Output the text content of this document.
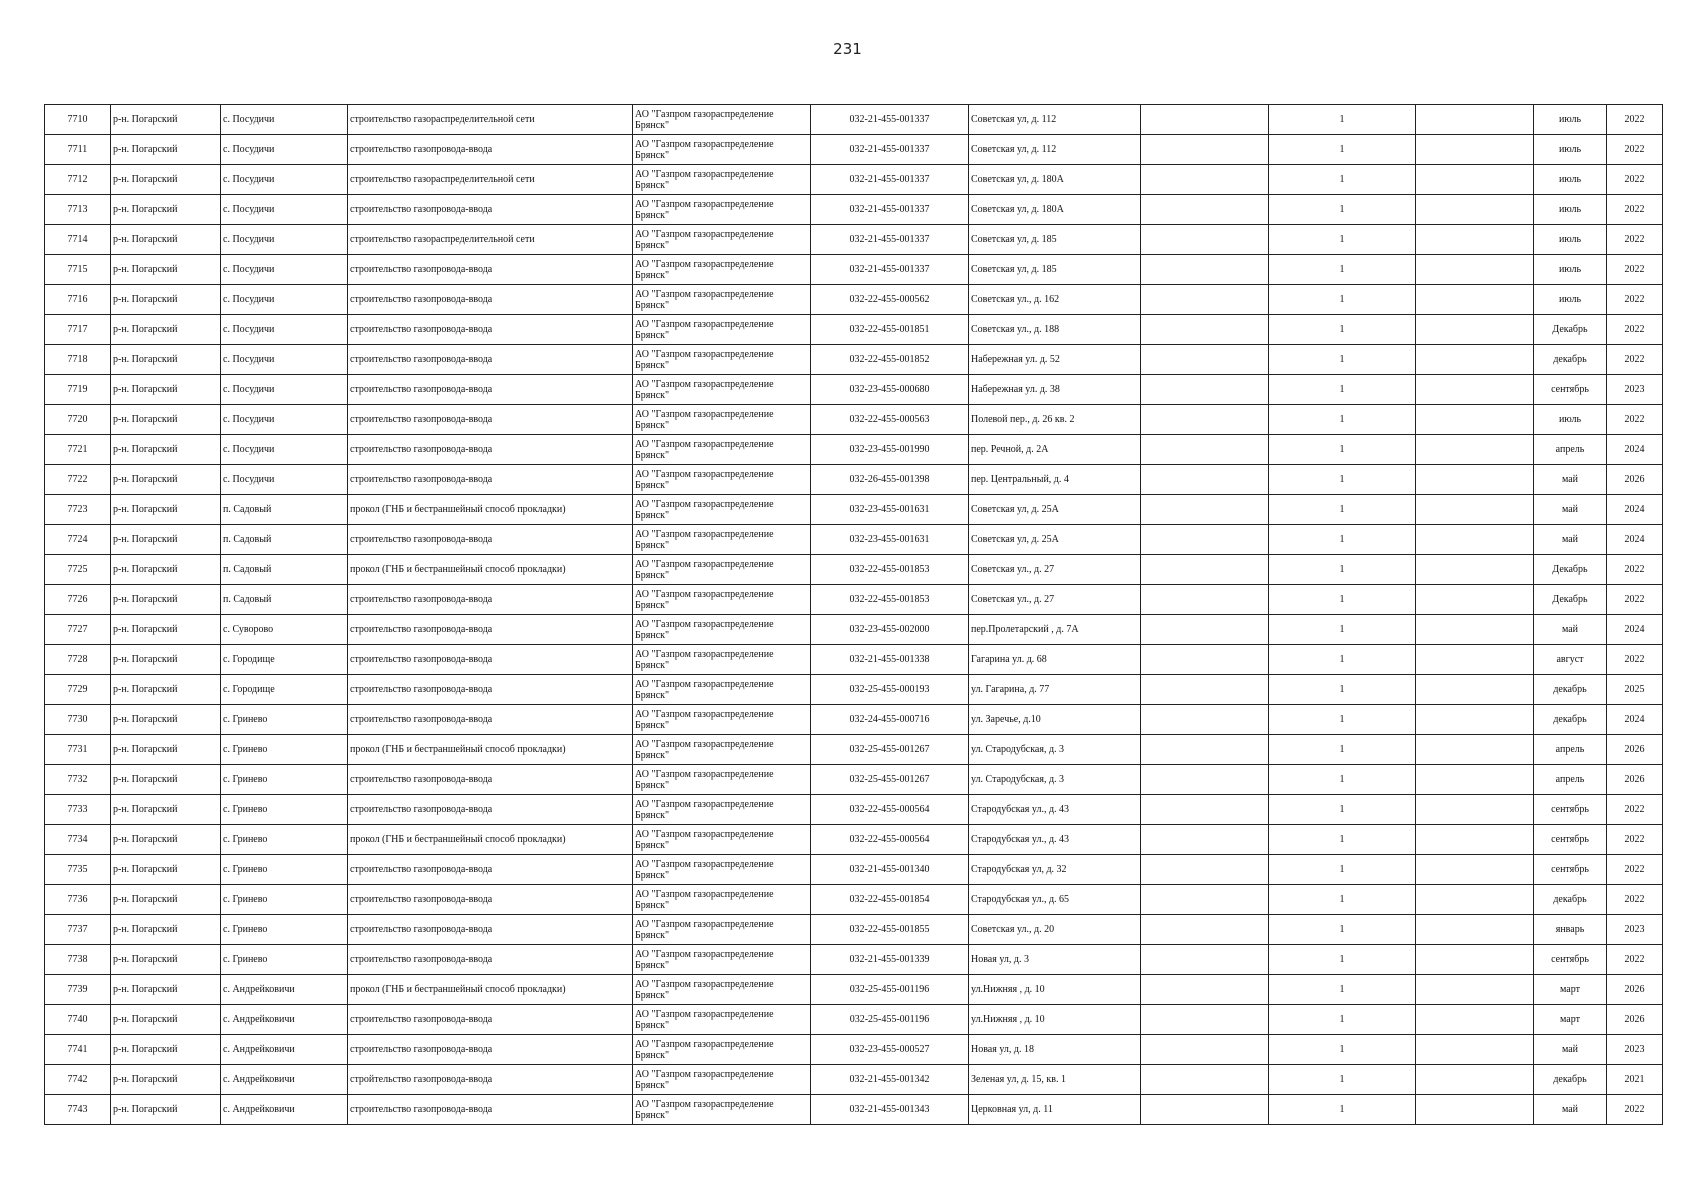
231
7710	р-н. Погарский	с. Посудичи	строительство газораспределительной сети	АО "Газпром газораспределение
Брянск"	032-21-455-001337	Советская ул, д. 112		1		июль	2022
7711	р-н. Погарский	с. Посудичи	строительство газопровода-ввода	АО "Газпром газораспределение
Брянск"	032-21-455-001337	Советская ул, д. 112		1		июль	2022
7712	р-н. Погарский	с. Посудичи	строительство газораспределительной сети	АО "Газпром газораспределение
Брянск"	032-21-455-001337	Советская ул, д. 180А		1		июль	2022
7713	р-н. Погарский	с. Посудичи	строительство газопровода-ввода	АО "Газпром газораспределение
Брянск"	032-21-455-001337	Советская ул, д. 180А		1		июль	2022
7714	р-н. Погарский	с. Посудичи	строительство газораспределительной сети	АО "Газпром газораспределение
Брянск"	032-21-455-001337	Советская ул, д. 185		1		июль	2022
7715	р-н. Погарский	с. Посудичи	строительство газопровода-ввода	АО "Газпром газораспределение
Брянск"	032-21-455-001337	Советская ул, д. 185		1		июль	2022
7716	р-н. Погарский	с. Посудичи	строительство газопровода-ввода	АО "Газпром газораспределение
Брянск"	032-22-455-000562	Советская ул., д. 162		1		июль	2022
7717	р-н. Погарский	с. Посудичи	строительство газопровода-ввода	АО "Газпром газораспределение
Брянск"	032-22-455-001851	Советская ул., д. 188		1		Декабрь	2022
7718	р-н. Погарский	с. Посудичи	строительство газопровода-ввода	АО "Газпром газораспределение
Брянск"	032-22-455-001852	Набережная ул. д. 52		1		декабрь	2022
7719	р-н. Погарский	с. Посудичи	строительство газопровода-ввода	АО "Газпром газораспределение
Брянск"	032-23-455-000680	Набережная ул. д. 38		1		сентябрь	2023
7720	р-н. Погарский	с. Посудичи	строительство газопровода-ввода	АО "Газпром газораспределение
Брянск"	032-22-455-000563	Полевой пер., д. 26 кв. 2		1		июль	2022
7721	р-н. Погарский	с. Посудичи	строительство газопровода-ввода	АО "Газпром газораспределение
Брянск"	032-23-455-001990	пер. Речной, д. 2А		1		апрель	2024
7722	р-н. Погарский	с. Посудичи	строительство газопровода-ввода	АО "Газпром газораспределение
Брянск"	032-26-455-001398	пер. Центральный, д. 4		1		май	2026
7723	р-н. Погарский	п. Садовый	прокол (ГНБ и бестраншейный способ прокладки)	АО "Газпром газораспределение
Брянск"	032-23-455-001631	Советская ул, д. 25А		1		май	2024
7724	р-н. Погарский	п. Садовый	строительство газопровода-ввода	АО "Газпром газораспределение
Брянск"	032-23-455-001631	Советская ул, д. 25А		1		май	2024
7725	р-н. Погарский	п. Садовый	прокол (ГНБ и бестраншейный способ прокладки)	АО "Газпром газораспределение
Брянск"	032-22-455-001853	Советская ул., д. 27		1		Декабрь	2022
7726	р-н. Погарский	п. Садовый	строительство газопровода-ввода	АО "Газпром газораспределение
Брянск"	032-22-455-001853	Советская ул., д. 27		1		Декабрь	2022
7727	р-н. Погарский	с. Суворово	строительство газопровода-ввода	АО "Газпром газораспределение
Брянск"	032-23-455-002000	пер.Пролетарский , д. 7А		1		май	2024
7728	р-н. Погарский	с. Городище	строительство газопровода-ввода	АО "Газпром газораспределение
Брянск"	032-21-455-001338	Гагарина ул. д. 68		1		август	2022
7729	р-н. Погарский	с. Городище	строительство газопровода-ввода	АО "Газпром газораспределение
Брянск"	032-25-455-000193	ул. Гагарина, д. 77		1		декабрь	2025
7730	р-н. Погарский	с. Гринево	строительство газопровода-ввода	АО "Газпром газораспределение
Брянск"	032-24-455-000716	ул. Заречье, д.10		1		декабрь	2024
7731	р-н. Погарский	с. Гринево	прокол (ГНБ и бестраншейный способ прокладки)	АО "Газпром газораспределение
Брянск"	032-25-455-001267	ул. Стародубская, д. 3		1		апрель	2026
7732	р-н. Погарский	с. Гринево	строительство газопровода-ввода	АО "Газпром газораспределение
Брянск"	032-25-455-001267	ул. Стародубская, д. 3		1		апрель	2026
7733	р-н. Погарский	с. Гринево	строительство газопровода-ввода	АО "Газпром газораспределение
Брянск"	032-22-455-000564	Стародубская ул., д. 43		1		сентябрь	2022
7734	р-н. Погарский	с. Гринево	прокол (ГНБ и бестраншейный способ прокладки)	АО "Газпром газораспределение
Брянск"	032-22-455-000564	Стародубская ул., д. 43		1		сентябрь	2022
7735	р-н. Погарский	с. Гринево	строительство газопровода-ввода	АО "Газпром газораспределение
Брянск"	032-21-455-001340	Стародубская ул, д. 32		1		сентябрь	2022
7736	р-н. Погарский	с. Гринево	строительство газопровода-ввода	АО "Газпром газораспределение
Брянск"	032-22-455-001854	Стародубская ул., д. 65		1		декабрь	2022
7737	р-н. Погарский	с. Гринево	строительство газопровода-ввода	АО "Газпром газораспределение
Брянск"	032-22-455-001855	Советская ул., д. 20		1		январь	2023
7738	р-н. Погарский	с. Гринево	строительство газопровода-ввода	АО "Газпром газораспределение
Брянск"	032-21-455-001339	Новая ул, д. 3		1		сентябрь	2022
7739	р-н. Погарский	с. Андрейковичи	прокол (ГНБ и бестраншейный способ прокладки)	АО "Газпром газораспределение
Брянск"	032-25-455-001196	ул.Нижняя , д. 10		1		март	2026
7740	р-н. Погарский	с. Андрейковичи	строительство газопровода-ввода	АО "Газпром газораспределение
Брянск"	032-25-455-001196	ул.Нижняя , д. 10		1		март	2026
7741	р-н. Погарский	с. Андрейковичи	строительство газопровода-ввода	АО "Газпром газораспределение
Брянск"	032-23-455-000527	Новая ул, д. 18		1		май	2023
7742	р-н. Погарский	с. Андрейковичи	стройтельство газопровода-ввода	АО "Газпром газораспределение
Брянск"	032-21-455-001342	Зеленая ул, д. 15, кв. 1		1		декабрь	2021
7743	р-н. Погарский	с. Андрейковичи	строительство газопровода-ввода	АО "Газпром газораспределение
Брянск"	032-21-455-001343	Церковная ул, д. 11		1		май	2022
